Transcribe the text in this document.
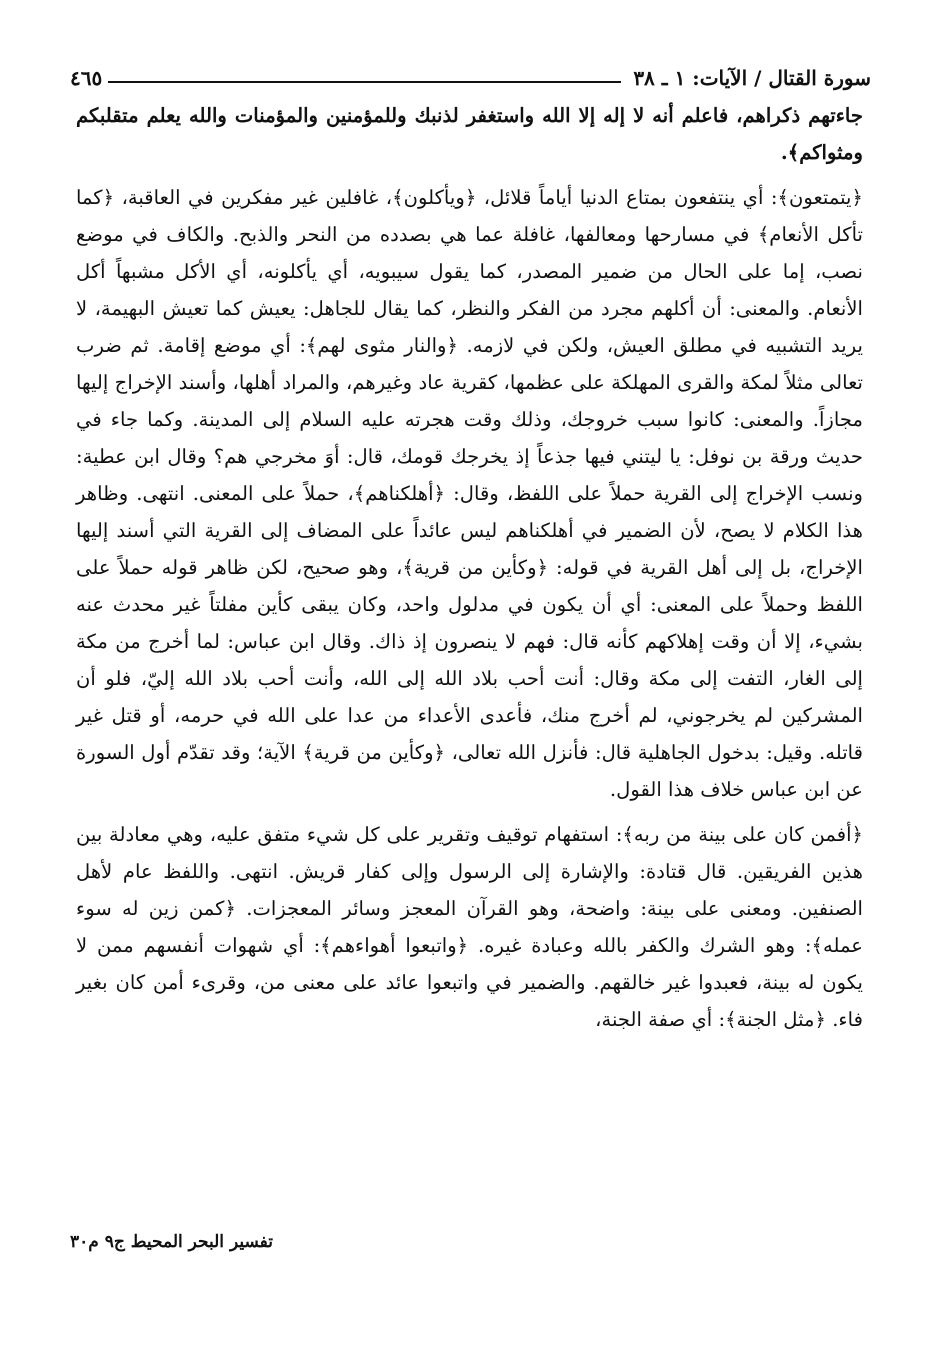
سورة القتال / الآيات: ١ ـ ٣٨
٤٦٥

جاءتهم ذكراهم، فاعلم أنه لا إله إلا الله واستغفر لذنبك وللمؤمنين والمؤمنات والله يعلم متقلبكم ومثواكم﴾.

﴿يتمتعون﴾: أي ينتفعون بمتاع الدنيا أياماً قلائل، ﴿ويأكلون﴾، غافلين غير مفكرين في العاقبة، ﴿كما تأكل الأنعام﴾ في مسارحها ومعالفها، غافلة عما هي بصدده من النحر والذبح. والكاف في موضع نصب، إما على الحال من ضمير المصدر، كما يقول سيبويه، أي يأكلونه، أي الأكل مشبهاً أكل الأنعام. والمعنى: أن أكلهم مجرد من الفكر والنظر، كما يقال للجاهل: يعيش كما تعيش البهيمة، لا يريد التشبيه في مطلق العيش، ولكن في لازمه. ﴿والنار مثوى لهم﴾: أي موضع إقامة. ثم ضرب تعالى مثلاً لمكة والقرى المهلكة على عظمها، كقرية عاد وغيرهم، والمراد أهلها، وأسند الإخراج إليها مجازاً. والمعنى: كانوا سبب خروجك، وذلك وقت هجرته عليه السلام إلى المدينة. وكما جاء في حديث ورقة بن نوفل: يا ليتني فيها جذعاً إذ يخرجك قومك، قال: أوَ مخرجي هم؟ وقال ابن عطية: ونسب الإخراج إلى القرية حملاً على اللفظ، وقال: ﴿أهلكناهم﴾، حملاً على المعنى. انتهى. وظاهر هذا الكلام لا يصح، لأن الضمير في أهلكناهم ليس عائداً على المضاف إلى القرية التي أسند إليها الإخراج، بل إلى أهل القرية في قوله: ﴿وكأين من قرية﴾، وهو صحيح، لكن ظاهر قوله حملاً على اللفظ وحملاً على المعنى: أي أن يكون في مدلول واحد، وكان يبقى كأين مفلتاً غير محدث عنه بشيء، إلا أن وقت إهلاكهم كأنه قال: فهم لا ينصرون إذ ذاك. وقال ابن عباس: لما أخرج من مكة إلى الغار، التفت إلى مكة وقال: أنت أحب بلاد الله إلى الله، وأنت أحب بلاد الله إليّ، فلو أن المشركين لم يخرجوني، لم أخرج منك، فأعدى الأعداء من عدا على الله في حرمه، أو قتل غير قاتله. وقيل: بدخول الجاهلية قال: فأنزل الله تعالى، ﴿وكأين من قرية﴾ الآية؛ وقد تقدّم أول السورة عن ابن عباس خلاف هذا القول.

﴿أفمن كان على بينة من ربه﴾: استفهام توقيف وتقرير على كل شيء متفق عليه، وهي معادلة بين هذين الفريقين. قال قتادة: والإشارة إلى الرسول وإلى كفار قريش. انتهى. واللفظ عام لأهل الصنفين. ومعنى على بينة: واضحة، وهو القرآن المعجز وسائر المعجزات. ﴿كمن زين له سوء عمله﴾: وهو الشرك والكفر بالله وعبادة غيره. ﴿واتبعوا أهواءهم﴾: أي شهوات أنفسهم ممن لا يكون له بينة، فعبدوا غير خالقهم. والضمير في واتبعوا عائد على معنى من، وقرىء أمن كان بغير فاء. ﴿مثل الجنة﴾: أي صفة الجنة،

تفسير البحر المحيط ج٩ م٣٠
